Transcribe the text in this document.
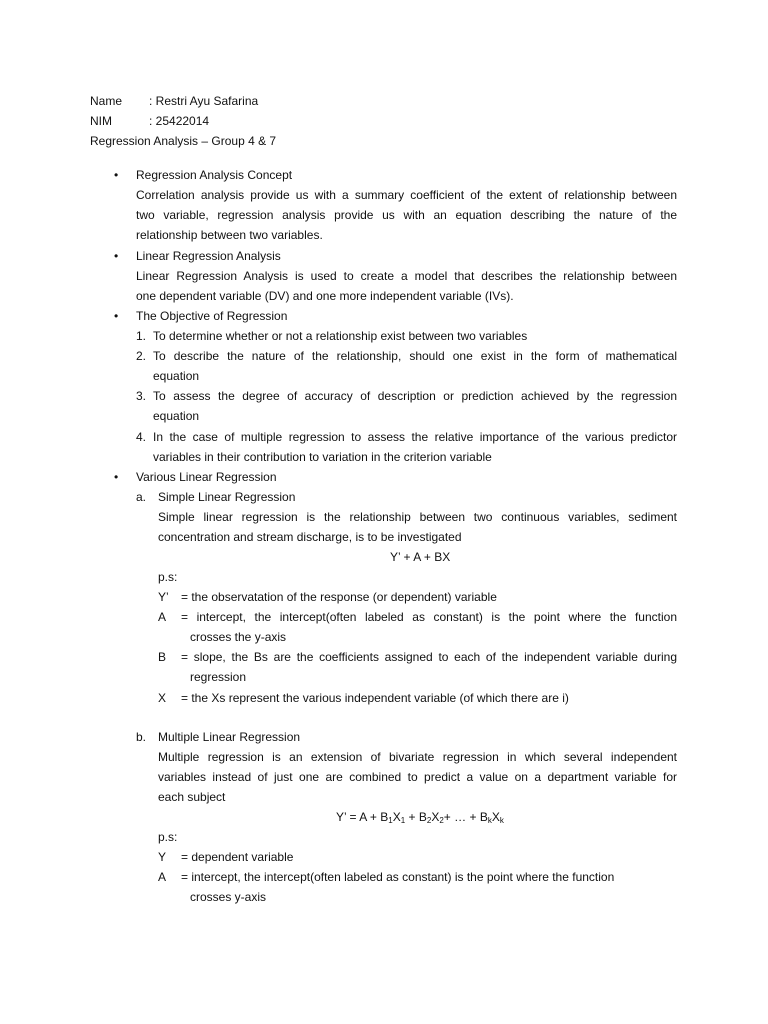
Name : Restri Ayu Safarina
NIM	: 25422014
Regression Analysis – Group 4 & 7
•
Regression Analysis Concept
Correlation analysis provide us with a summary coefficient of the extent of relationship between
two variable, regression analysis provide us with an equation describing the nature of the
relationship between two variables.
•
Linear Regression Analysis
Linear Regression Analysis is used to create a model that describes the relationship between
one dependent variable (DV) and one more independent variable (IVs).
•
The Objective of Regression
1. To determine whether or not a relationship exist between two variables
2. To describe the nature of the relationship, should one exist in the form of mathematical
equation
3. To assess the degree of accuracy of description or prediction achieved by the regression
equation
4. In the case of multiple regression to assess the relative importance of the various predictor
variables in their contribution to variation in the criterion variable
•
Various Linear Regression
a. Simple Linear Regression
Simple linear regression is the relationship between two continuous variables, sediment
concentration and stream discharge, is to be investigated
Y’ + A + BX
p.s:
Y’ = the observatation of the response (or dependent) variable
A = intercept, the intercept(often labeled as constant) is the point where the function
crosses the y-axis
B = slope, the Bs are the coefficients assigned to each of the independent variable during
regression
X = the Xs represent the various independent variable (of which there are i)
b. Multiple Linear Regression
Multiple regression is an extension of bivariate regression in which several independent
variables instead of just one are combined to predict a value on a department variable for
each subject
Y’ = $A + B_1X_1 + B_2X_2+$ … + $B_kX_k$
p.s:
Y = dependent variable
A = intercept, the intercept(often labeled as constant) is the point where the function
crosses y-axis
